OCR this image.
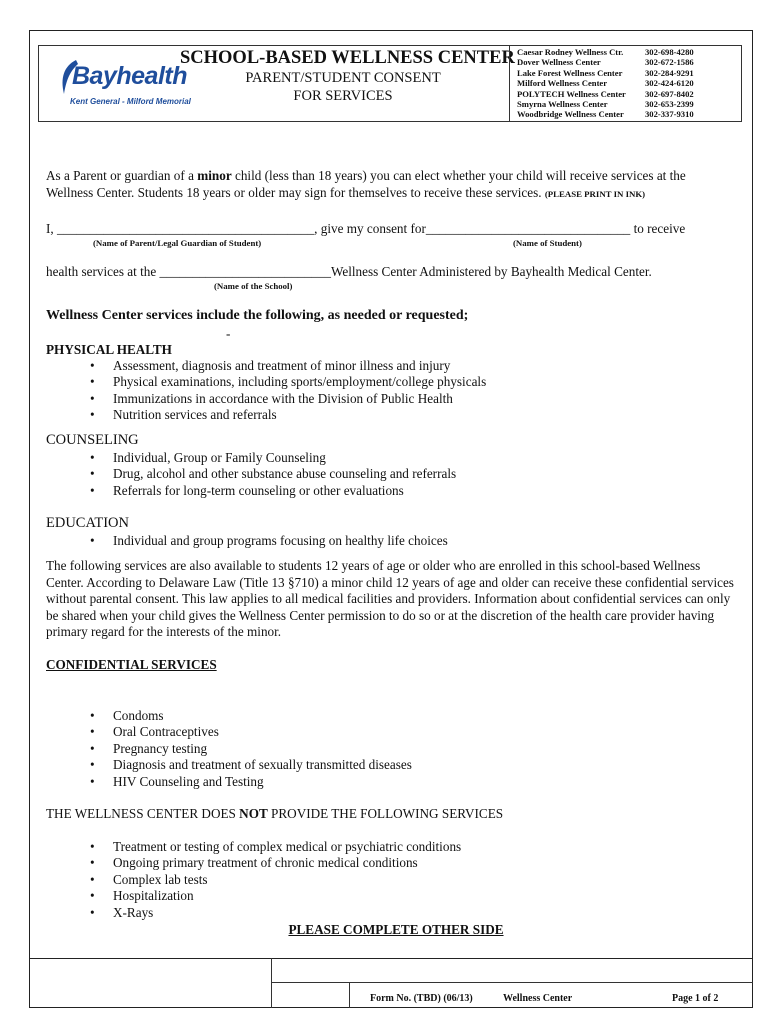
Bayhealth
Kent General - Milford Memorial
SCHOOL-BASED WELLNESS CENTER
PARENT/STUDENT CONSENT
FOR SERVICES
Caesar Rodney Wellness Ctr.	302-698-4280
Dover Wellness Center	302-672-1586
Lake Forest Wellness Center	302-284-9291
Milford Wellness Center	302-424-6120
POLYTECH Wellness Center	302-697-8402
Smyrna Wellness Center	302-653-2399
Woodbridge Wellness Center	302-337-9310
As a Parent or guardian of a minor child (less than 18 years) you can elect whether your child will receive services at the Wellness Center. Students 18 years or older may sign for themselves to receive these services. (PLEASE PRINT IN INK)
I, _______________________________________, give my consent for_______________________________ to receive
(Name of Parent/Legal Guardian of Student)	(Name of Student)
health services at the __________________________Wellness Center Administered by Bayhealth Medical Center.
(Name of the School)
Wellness Center services include the following, as needed or requested;
-
PHYSICAL HEALTH
•	Assessment, diagnosis and treatment of minor illness and injury
•	Physical examinations, including sports/employment/college physicals
•	Immunizations in accordance with the Division of Public Health
•	Nutrition services and referrals
COUNSELING
•	Individual, Group or Family Counseling
•	Drug, alcohol and other substance abuse counseling and referrals
•	Referrals for long-term counseling or other evaluations
EDUCATION
•	Individual and group programs focusing on healthy life choices
The following services are also available to students 12 years of age or older who are enrolled in this school-based Wellness Center. According to Delaware Law (Title 13 §710) a minor child 12 years of age and older can receive these confidential services without parental consent. This law applies to all medical facilities and providers. Information about confidential services can only be shared when your child gives the Wellness Center permission to do so or at the discretion of the health care provider having primary regard for the interests of the minor.
CONFIDENTIAL SERVICES
•	Condoms
•	Oral Contraceptives
•	Pregnancy testing
•	Diagnosis and treatment of sexually transmitted diseases
•	HIV Counseling and Testing
THE WELLNESS CENTER DOES NOT PROVIDE THE FOLLOWING SERVICES
•	Treatment or testing of complex medical or psychiatric conditions
•	Ongoing primary treatment of chronic medical conditions
•	Complex lab tests
•	Hospitalization
•	X-Rays
PLEASE COMPLETE OTHER SIDE
Form No. (TBD) (06/13)	Wellness Center	Page 1 of 2
